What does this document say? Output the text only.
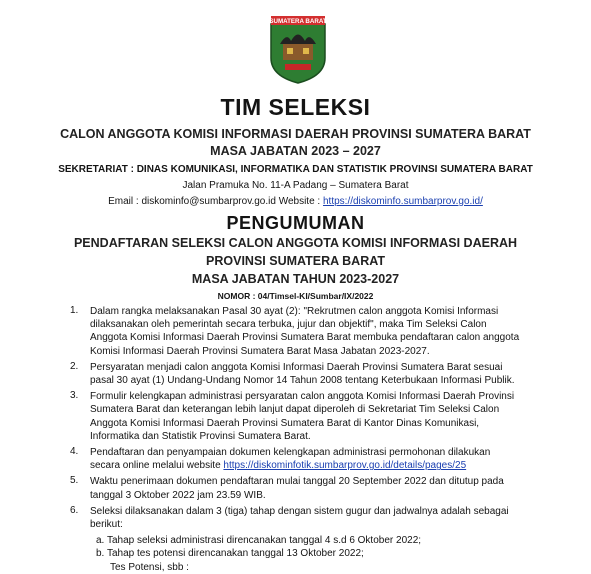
SUMATERA BARAT
TIM SELEKSI
CALON ANGGOTA KOMISI INFORMASI DAERAH PROVINSI SUMATERA BARAT
MASA JABATAN 2023 – 2027
SEKRETARIAT : DINAS KOMUNIKASI, INFORMATIKA DAN STATISTIK PROVINSI SUMATERA BARAT
Jalan Pramuka No. 11-A Padang – Sumatera Barat
Email : diskominfo@sumbarprov.go.id Website : https://diskominfo.sumbarprov.go.id/
PENGUMUMAN
PENDAFTARAN SELEKSI CALON ANGGOTA KOMISI INFORMASI DAERAH
PROVINSI SUMATERA BARAT
MASA JABATAN TAHUN 2023-2027
NOMOR : 04/Timsel-KI/Sumbar/IX/2022
1.	Dalam rangka melaksanakan Pasal 30 ayat (2): "Rekrutmen calon anggota Komisi Informasi
dilaksanakan oleh pemerintah secara terbuka, jujur dan objektif", maka Tim Seleksi Calon
Anggota Komisi Informasi Daerah Provinsi Sumatera Barat membuka pendaftaran calon anggota
Komisi Informasi Daerah Provinsi Sumatera Barat Masa Jabatan 2023-2027.
2.	Persyaratan menjadi calon anggota Komisi Informasi Daerah Provinsi Sumatera Barat sesuai
pasal 30 ayat (1) Undang-Undang Nomor 14 Tahun 2008 tentang Keterbukaan Informasi Publik.
3.	Formulir kelengkapan administrasi persyaratan calon anggota Komisi Informasi Daerah Provinsi
Sumatera Barat dan keterangan lebih lanjut dapat diperoleh di Sekretariat Tim Seleksi Calon
Anggota Komisi Informasi Daerah Provinsi Sumatera Barat di Kantor Dinas Komunikasi,
Informatika dan Statistik Provinsi Sumatera Barat.
4.	Pendaftaran dan penyampaian dokumen kelengkapan administrasi permohonan dilakukan
secara online melalui website https://diskominfotik.sumbarprov.go.id/details/pages/25
5.	Waktu penerimaan dokumen pendaftaran mulai tanggal 20 September 2022 dan ditutup pada
tanggal 3 Oktober 2022 jam 23.59 WIB.
6.	Seleksi dilaksanakan dalam 3 (tiga) tahap dengan sistem gugur dan jadwalnya adalah sebagai
berikut:
a. Tahap seleksi administrasi direncanakan tanggal 4 s.d 6 Oktober 2022;
b. Tahap tes potensi direncanakan tanggal 13 Oktober 2022;
Tes Potensi, sbb :
